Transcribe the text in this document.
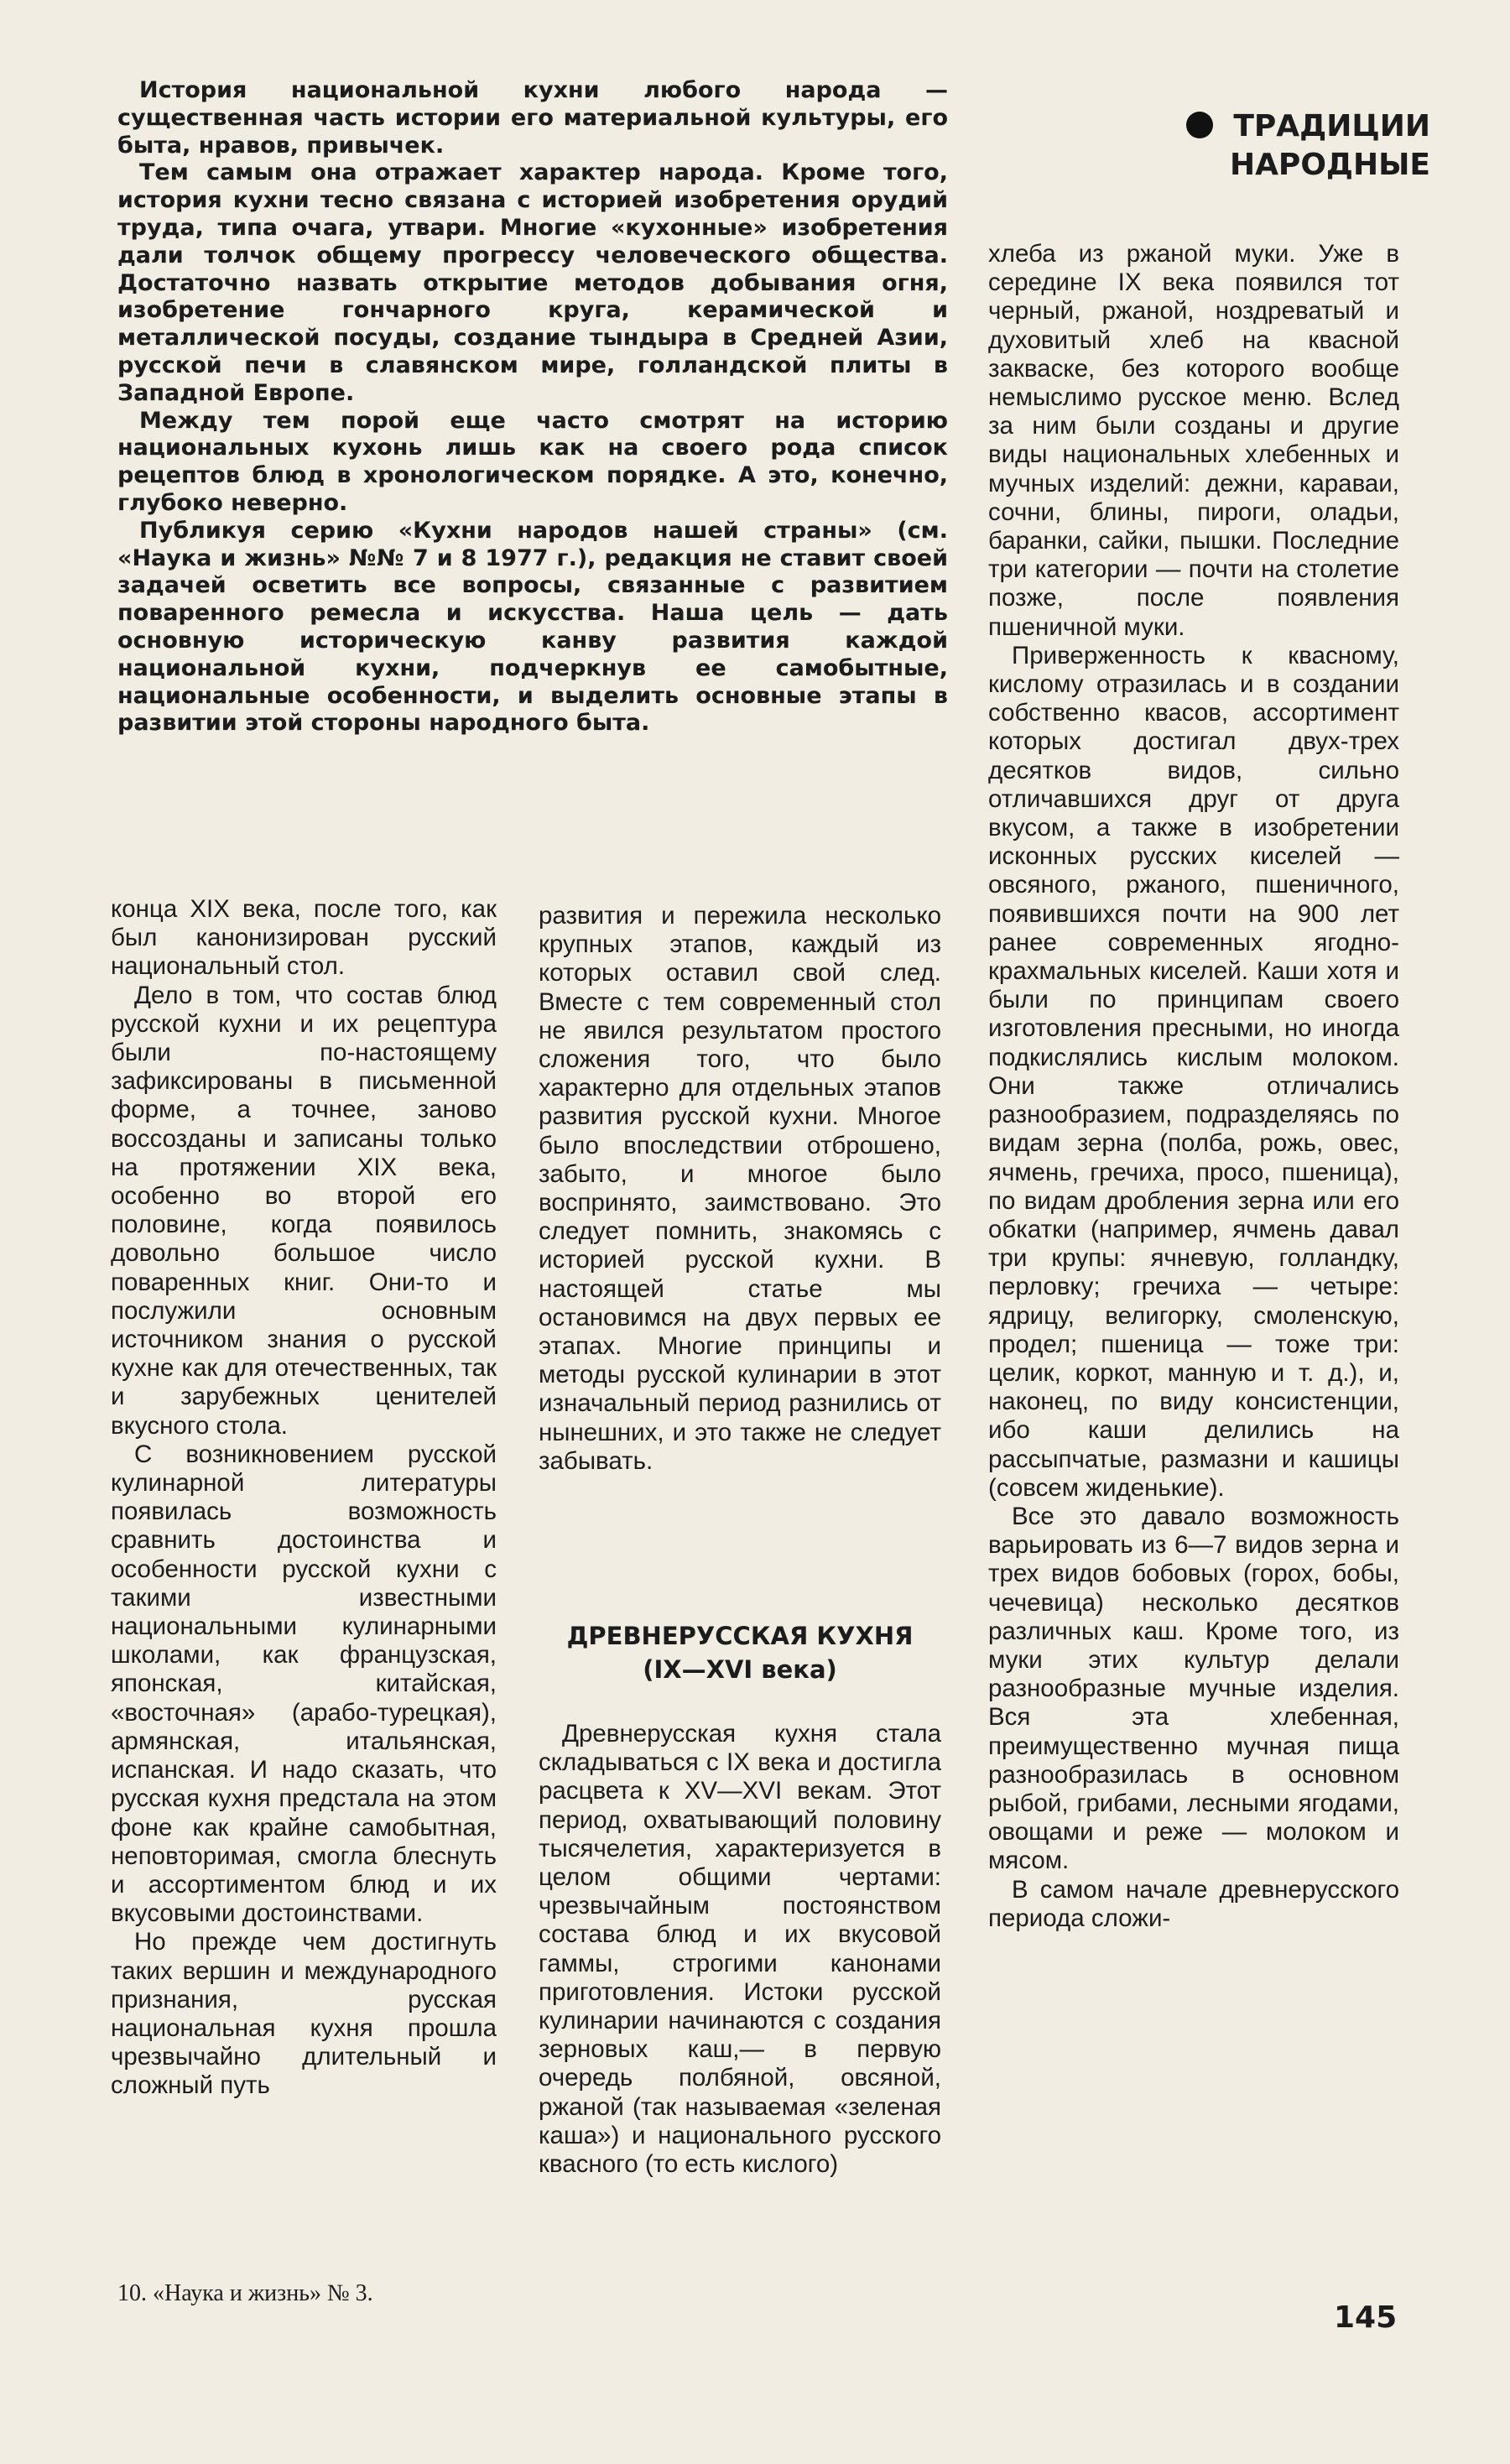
ТРАДИЦИИ
НАРОДНЫЕ

История национальной кухни любого народа — существенная часть истории его материальной культуры, его быта, нравов, привычек.

Тем самым она отражает характер народа. Кроме того, история кухни тесно связана с историей изобретения орудий труда, типа очага, утвари. Многие «кухонные» изобретения дали толчок общему прогрессу человеческого общества. Достаточно назвать открытие методов добывания огня, изобретение гончарного круга, керамической и металлической посуды, создание тындыра в Средней Азии, русской печи в славянском мире, голландской плиты в Западной Европе.

Между тем порой еще часто смотрят на историю национальных кухонь лишь как на своего рода список рецептов блюд в хронологическом порядке. А это, конечно, глубоко неверно.

Публикуя серию «Кухни народов нашей страны» (см. «Наука и жизнь» №№ 7 и 8 1977 г.), редакция не ставит своей задачей осветить все вопросы, связанные с развитием поваренного ремесла и искусства. Наша цель — дать основную историческую канву развития каждой национальной кухни, подчеркнув ее самобытные, национальные особенности, и выделить основные этапы в развитии этой стороны народного быта.

хлеба из ржаной муки. Уже в середине IX века появился тот черный, ржаной, ноздреватый и духовитый хлеб на квасной закваске, без которого вообще немыслимо русское меню. Вслед за ним были созданы и другие виды национальных хлебенных и мучных изделий: дежни, караваи, сочни, блины, пироги, оладьи, баранки, сайки, пышки. Последние три категории — почти на столетие позже, после появления пшеничной муки.

Приверженность к квасному, кислому отразилась и в создании собственно квасов, ассортимент которых достигал двух-трех десятков видов, сильно отличавшихся друг от друга вкусом, а также в изобретении исконных русских киселей — овсяного, ржаного, пшеничного, появившихся почти на 900 лет ранее современных ягодно-крахмальных киселей. Каши хотя и были по принципам своего изготовления пресными, но иногда подкислялись кислым молоком. Они также отличались разнообразием, подразделяясь по видам зерна (полба, рожь, овес, ячмень, гречиха, просо, пшеница), по видам дробления зерна или его обкатки (например, ячмень давал три крупы: ячневую, голландку, перловку; гречиха — четыре: ядрицу, велигорку, смоленскую, продел; пшеница — тоже три: целик, коркот, манную и т. д.), и, наконец, по виду консистенции, ибо каши делились на рассыпчатые, размазни и кашицы (совсем жиденькие).

Все это давало возможность варьировать из 6—7 видов зерна и трех видов бобовых (горох, бобы, чечевица) несколько десятков различных каш. Кроме того, из муки этих культур делали разнообразные мучные изделия. Вся эта хлебенная, преимущественно мучная пища разнообразилась в основном рыбой, грибами, лесными ягодами, овощами и реже — молоком и мясом.

В самом начале древнерусского периода сложи-

конца XIX века, после того, как был канонизирован русский национальный стол.

Дело в том, что состав блюд русской кухни и их рецептура были по-настоящему зафиксированы в письменной форме, а точнее, заново воссозданы и записаны только на протяжении XIX века, особенно во второй его половине, когда появилось довольно большое число поваренных книг. Они-то и послужили основным источником знания о русской кухне как для отечественных, так и зарубежных ценителей вкусного стола.

С возникновением русской кулинарной литературы появилась возможность сравнить достоинства и особенности русской кухни с такими известными национальными кулинарными школами, как французская, японская, китайская, «восточная» (арабо-турецкая), армянская, итальянская, испанская. И надо сказать, что русская кухня предстала на этом фоне как крайне самобытная, неповторимая, смогла блеснуть и ассортиментом блюд и их вкусовыми достоинствами.

Но прежде чем достигнуть таких вершин и международного признания, русская национальная кухня прошла чрезвычайно длительный и сложный путь

развития и пережила несколько крупных этапов, каждый из которых оставил свой след. Вместе с тем современный стол не явился результатом простого сложения того, что было характерно для отдельных этапов развития русской кухни. Многое было впоследствии отброшено, забыто, и многое было воспринято, заимствовано. Это следует помнить, знакомясь с историей русской кухни. В настоящей статье мы остановимся на двух первых ее этапах. Многие принципы и методы русской кулинарии в этот изначальный период разнились от нынешних, и это также не следует забывать.

ДРЕВНЕРУССКАЯ КУХНЯ
(IX—XVI века)

Древнерусская кухня стала складываться с IX века и достигла расцвета к XV—XVI векам. Этот период, охватывающий половину тысячелетия, характеризуется в целом общими чертами: чрезвычайным постоянством состава блюд и их вкусовой гаммы, строгими канонами приготовления. Истоки русской кулинарии начинаются с создания зерновых каш,— в первую очередь полбяной, овсяной, ржаной (так называемая «зеленая каша») и национального русского квасного (то есть кислого)

10. «Наука и жизнь» № 3.
145
